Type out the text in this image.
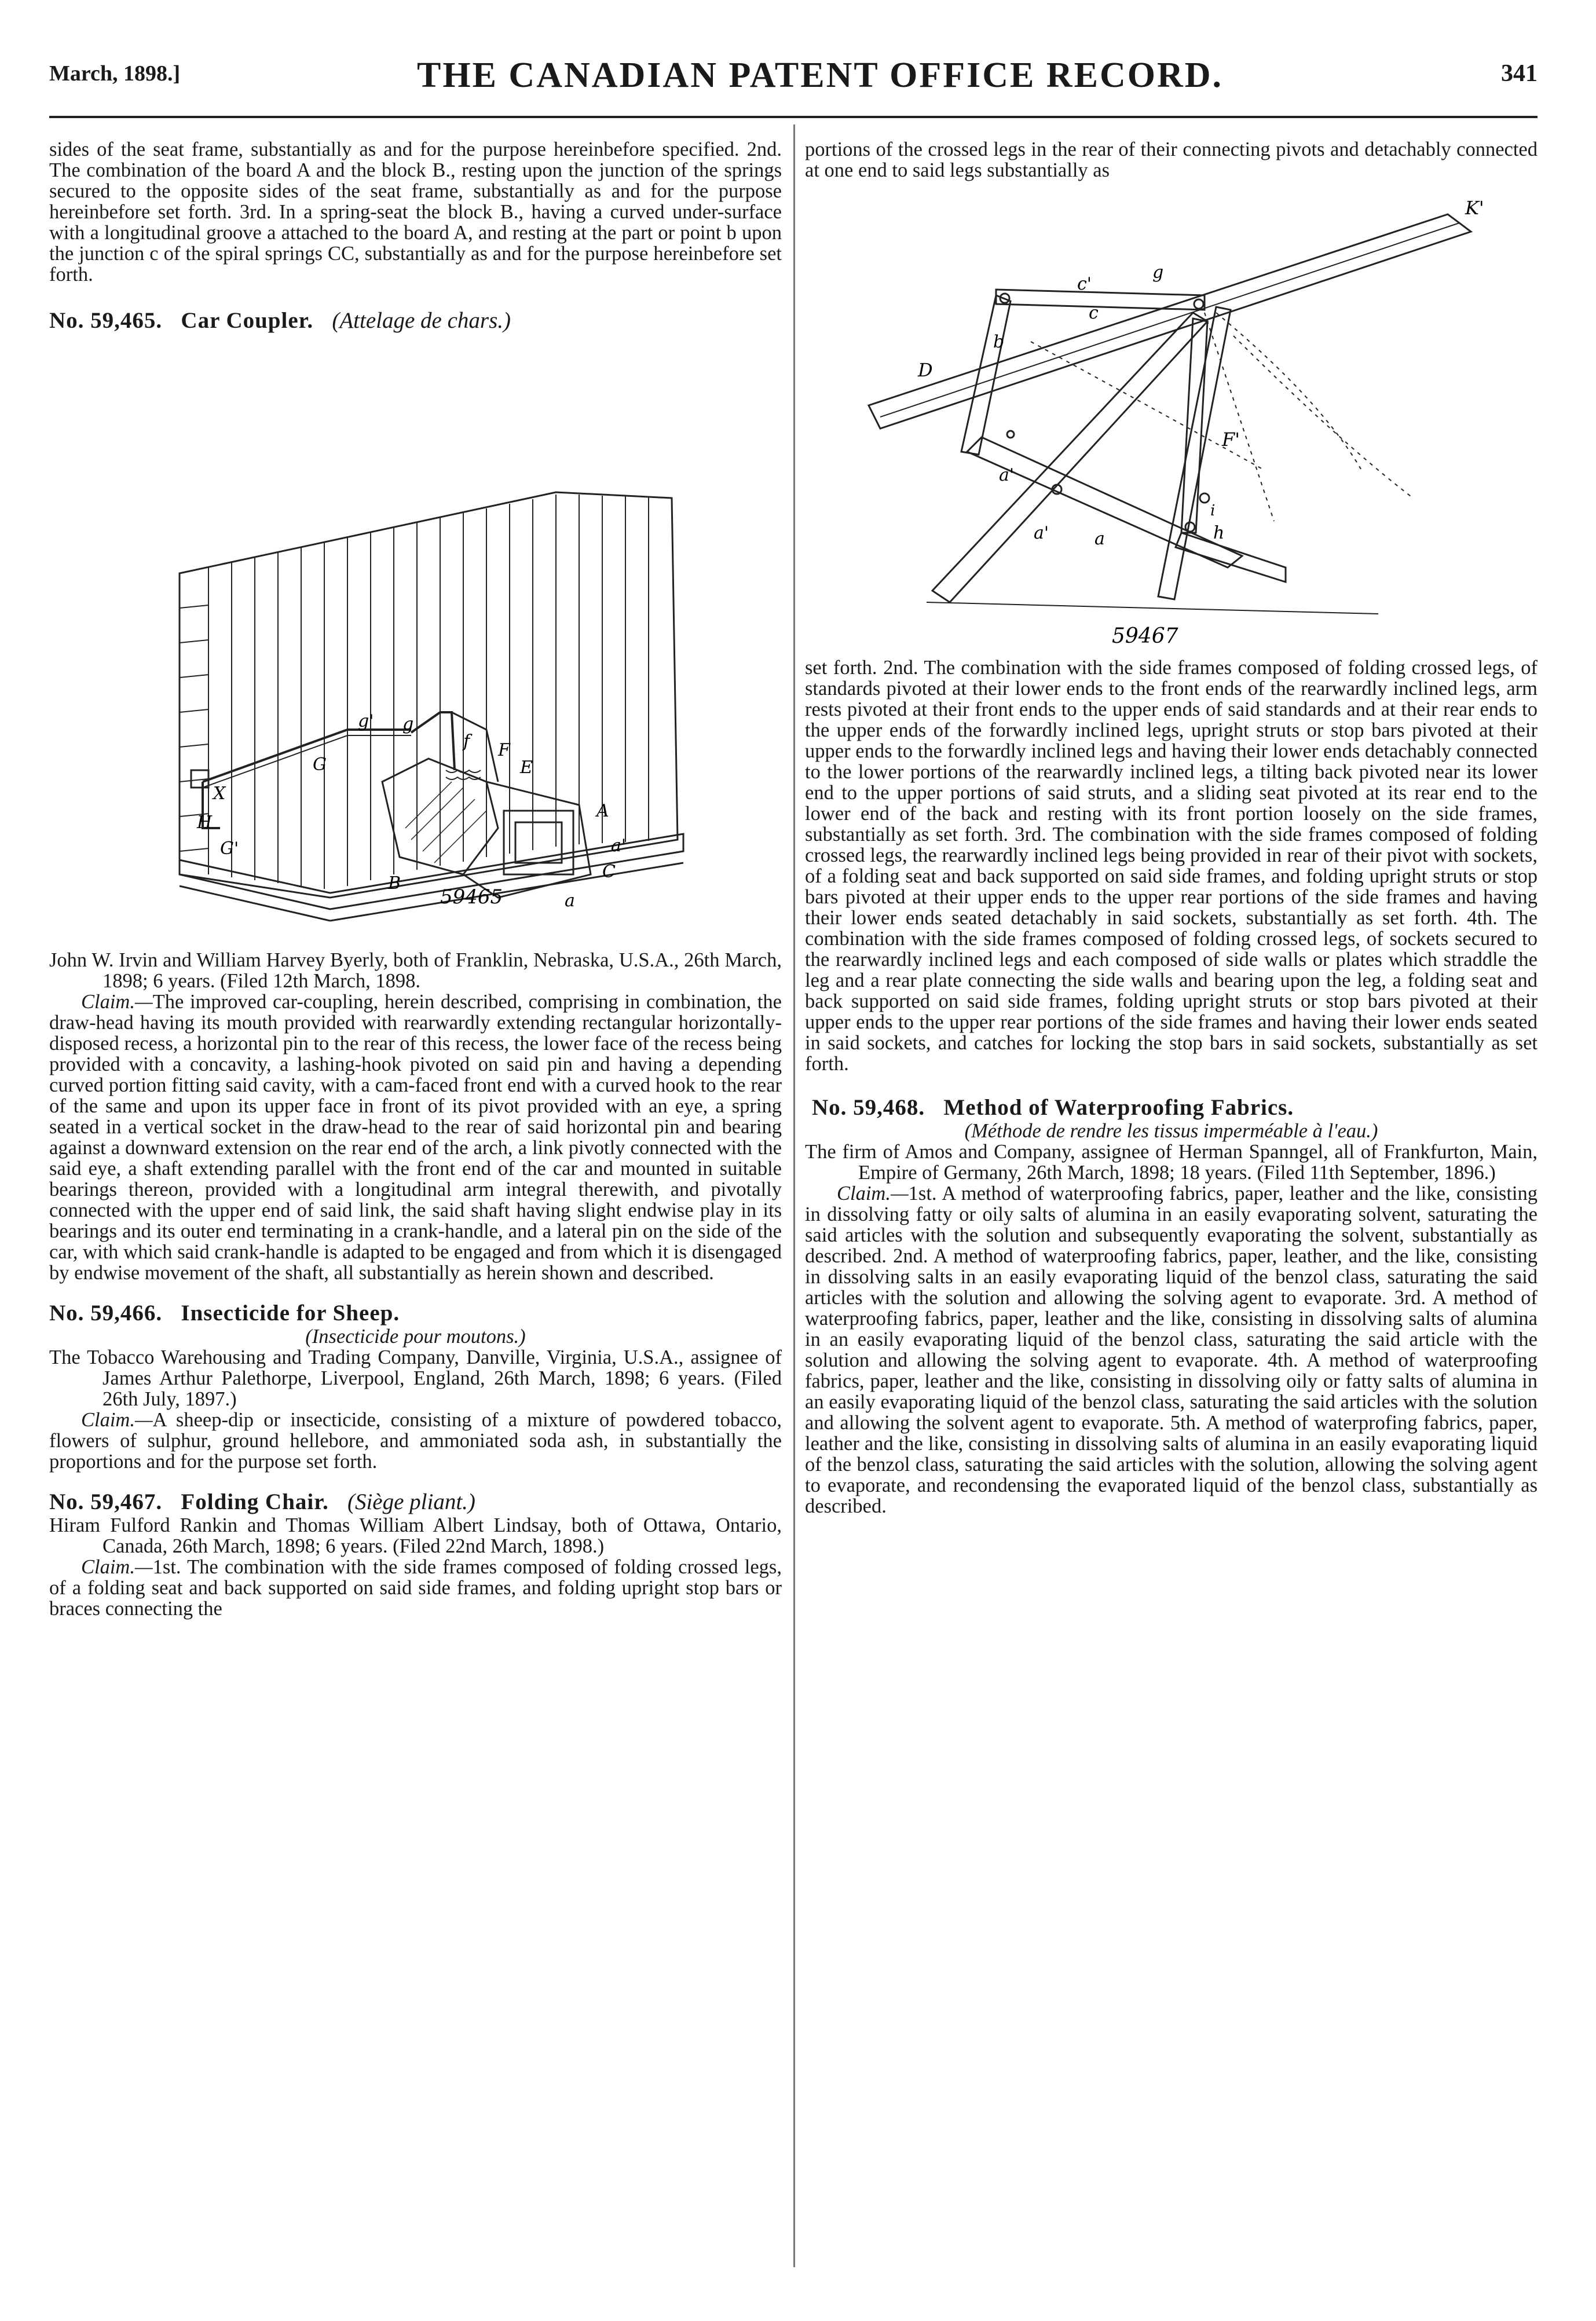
March, 1898.]	THE CANADIAN PATENT OFFICE RECORD.	341

sides of the seat frame, substantially as and for the purpose hereinbefore specified. 2nd. The combination of the board A and the block B., resting upon the junction of the springs secured to the opposite sides of the seat frame, substantially as and for the purpose hereinbefore set forth. 3rd. In a spring-seat the block B., having a curved under-surface with a longitudinal groove a attached to the board A, and resting at the part or point b upon the junction c of the spiral springs CC, substantially as and for the purpose hereinbefore set forth.

No. 59,465. Car Coupler. (Attelage de chars.)

X
H
G'
G
g' g
f F
E
A
a'
C
a
B
59465

John W. Irvin and William Harvey Byerly, both of Franklin, Nebraska, U.S.A., 26th March, 1898; 6 years. (Filed 12th March, 1898.

Claim.—The improved car-coupling, herein described, comprising in combination, the draw-head having its mouth provided with rearwardly extending rectangular horizontally-disposed recess, a horizontal pin to the rear of this recess, the lower face of the recess being provided with a concavity, a lashing-hook pivoted on said pin and having a depending curved portion fitting said cavity, with a cam-faced front end with a curved hook to the rear of the same and upon its upper face in front of its pivot provided with an eye, a spring seated in a vertical socket in the draw-head to the rear of said horizontal pin and bearing against a downward extension on the rear end of the arch, a link pivotly connected with the said eye, a shaft extending parallel with the front end of the car and mounted in suitable bearings thereon, provided with a longitudinal arm integral therewith, and pivotally connected with the upper end of said link, the said shaft having slight endwise play in its bearings and its outer end terminating in a crank-handle, and a lateral pin on the side of the car, with which said crank-handle is adapted to be engaged and from which it is disengaged by endwise movement of the shaft, all substantially as herein shown and described.

No. 59,466. Insecticide for Sheep.

(Insecticide pour moutons.)

The Tobacco Warehousing and Trading Company, Danville, Virginia, U.S.A., assignee of James Arthur Palethorpe, Liverpool, England, 26th March, 1898; 6 years. (Filed 26th July, 1897.)

Claim.—A sheep-dip or insecticide, consisting of a mixture of powdered tobacco, flowers of sulphur, ground hellebore, and ammoniated soda ash, in substantially the proportions and for the purpose set forth.

No. 59,467. Folding Chair. (Siège pliant.)

Hiram Fulford Rankin and Thomas William Albert Lindsay, both of Ottawa, Ontario, Canada, 26th March, 1898; 6 years. (Filed 22nd March, 1898.)

Claim.—1st. The combination with the side frames composed of folding crossed legs, of a folding seat and back supported on said side frames, and folding upright stop bars or braces connecting the

portions of the crossed legs in the rear of their connecting pivots and detachably connected at one end to said legs substantially as

K'
c'
g
b
D
c
F'
a'
a'	a
i
h
59467

set forth. 2nd. The combination with the side frames composed of folding crossed legs, of standards pivoted at their lower ends to the front ends of the rearwardly inclined legs, arm rests pivoted at their front ends to the upper ends of said standards and at their rear ends to the upper ends of the forwardly inclined legs, upright struts or stop bars pivoted at their upper ends to the forwardly inclined legs and having their lower ends detachably connected to the lower portions of the rearwardly inclined legs, a tilting back pivoted near its lower end to the upper portions of said struts, and a sliding seat pivoted at its rear end to the lower end of the back and resting with its front portion loosely on the side frames, substantially as set forth. 3rd. The combination with the side frames composed of folding crossed legs, the rearwardly inclined legs being provided in rear of their pivot with sockets, of a folding seat and back supported on said side frames, and folding upright struts or stop bars pivoted at their upper ends to the upper rear portions of the side frames and having their lower ends seated detachably in said sockets, substantially as set forth. 4th. The combination with the side frames composed of folding crossed legs, of sockets secured to the rearwardly inclined legs and each composed of side walls or plates which straddle the leg and a rear plate connecting the side walls and bearing upon the leg, a folding seat and back supported on said side frames, folding upright struts or stop bars pivoted at their upper ends to the upper rear portions of the side frames and having their lower ends seated in said sockets, and catches for locking the stop bars in said sockets, substantially as set forth.

No. 59,468. Method of Waterproofing Fabrics.

(Méthode de rendre les tissus imperméable à l'eau.)

The firm of Amos and Company, assignee of Herman Spanngel, all of Frankfurton, Main, Empire of Germany, 26th March, 1898; 18 years. (Filed 11th September, 1896.)

Claim.—1st. A method of waterproofing fabrics, paper, leather and the like, consisting in dissolving fatty or oily salts of alumina in an easily evaporating solvent, saturating the said articles with the solution and subsequently evaporating the solvent, substantially as described. 2nd. A method of waterproofing fabrics, paper, leather, and the like, consisting in dissolving salts in an easily evaporating liquid of the benzol class, saturating the said articles with the solution and allowing the solving agent to evaporate. 3rd. A method of waterproofing fabrics, paper, leather and the like, consisting in dissolving salts of alumina in an easily evaporating liquid of the benzol class, saturating the said article with the solution and allowing the solving agent to evaporate. 4th. A method of waterproofing fabrics, paper, leather and the like, consisting in dissolving oily or fatty salts of alumina in an easily evaporating liquid of the benzol class, saturating the said articles with the solution and allowing the solvent agent to evaporate. 5th. A method of waterprofing fabrics, paper, leather and the like, consisting in dissolving salts of alumina in an easily evaporating liquid of the benzol class, saturating the said articles with the solution, allowing the solving agent to evaporate, and recondensing the evaporated liquid of the benzol class, substantially as described.
